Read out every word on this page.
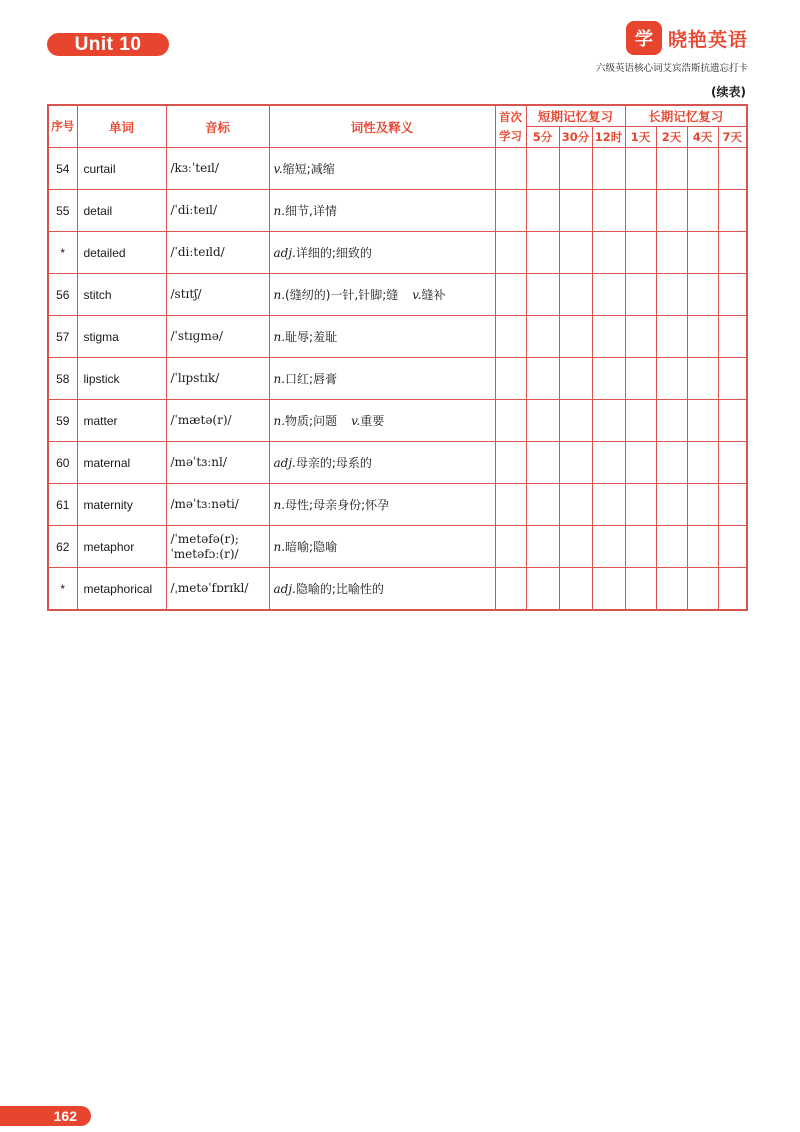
Unit 10	学 晓艳英语
六级英语核心词艾宾浩斯抗遗忘打卡
(续表)
序号	单词	音标	词性及释义	首次学习	短期记忆复习			长期记忆复习			
					5分	30分	12时	1天	2天	4天	7天
54	curtail	/kɜːˈteɪl/	v.缩短;减缩								
55	detail	/ˈdiːteɪl/	n.细节,详情								
*	detailed	/ˈdiːteɪld/	adj.详细的;细致的								
56	stitch	/stɪtʃ/	n.(缝纫的)一针,针脚;缝 v.缝补								
57	stigma	/ˈstɪɡmə/	n.耻辱;羞耻								
58	lipstick	/ˈlɪpstɪk/	n.口红;唇膏								
59	matter	/ˈmætə(r)/	n.物质;问题 v.重要								
60	maternal	/məˈtɜːnl/	adj.母亲的;母系的								
61	maternity	/məˈtɜːnəti/	n.母性;母亲身份;怀孕								
62	metaphor	/ˈmetəfə(r);
ˈmetəfɔː(r)/	n.暗喻;隐喻								
*	metaphorical	/ˌmetəˈfɒrɪkl/	adj.隐喻的;比喻性的								
162
